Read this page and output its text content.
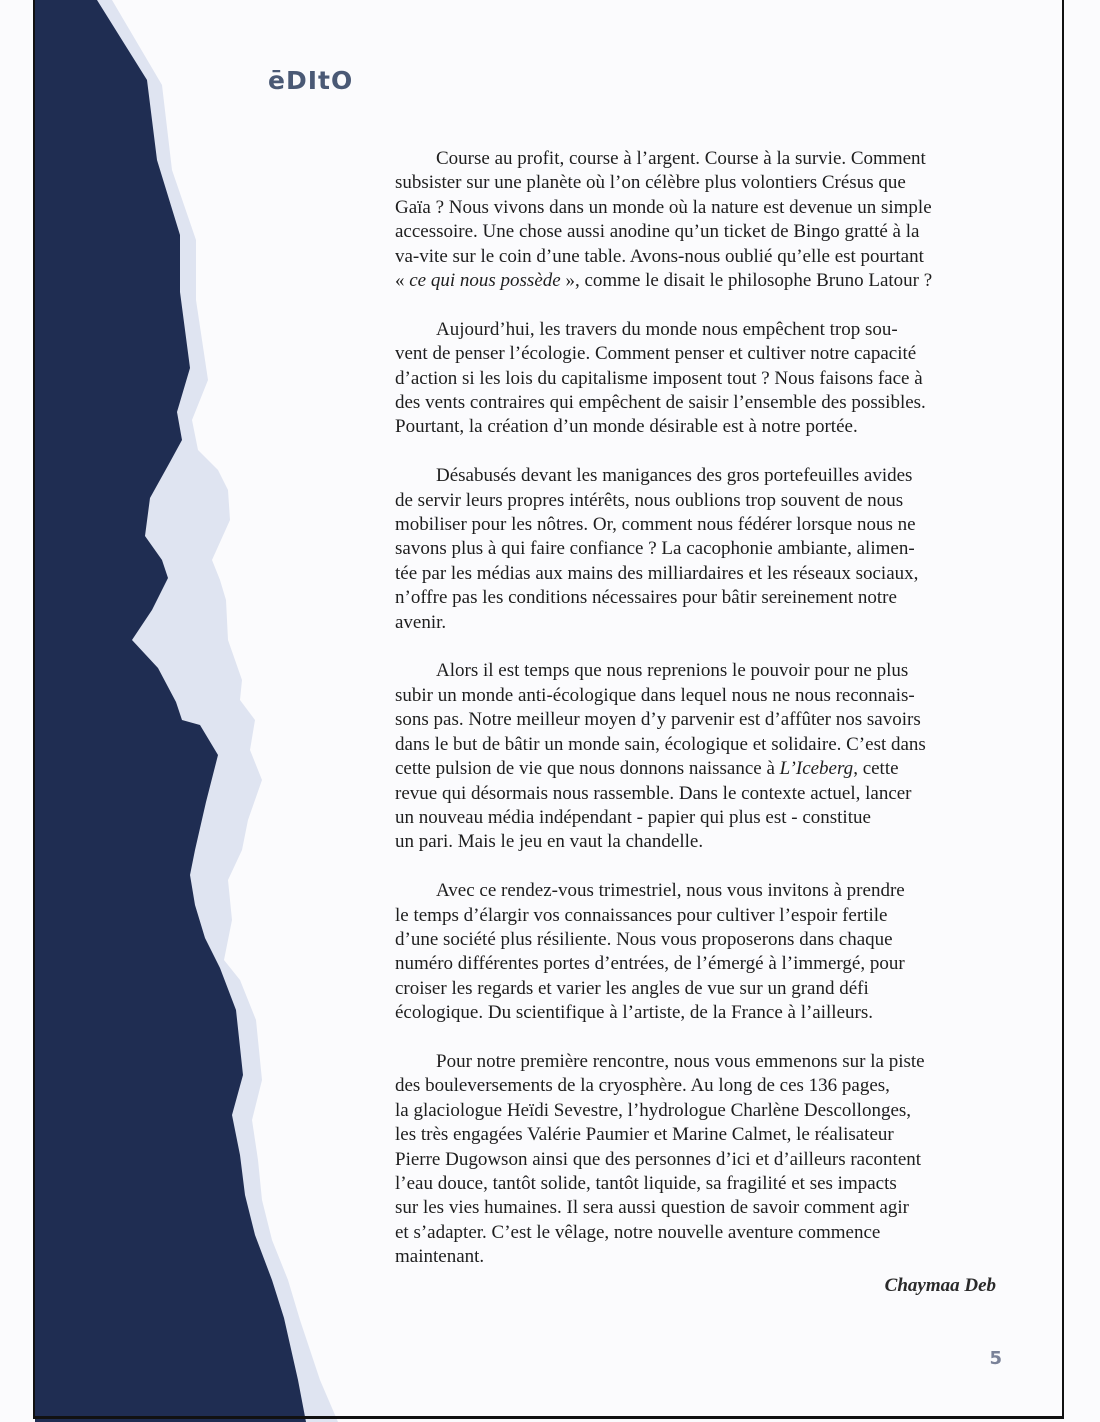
ēDItO
Course au profit, course à l’argent. Course à la survie. Comment
subsister sur une planète où l’on célèbre plus volontiers Crésus que
Gaïa ? Nous vivons dans un monde où la nature est devenue un simple
accessoire. Une chose aussi anodine qu’un ticket de Bingo gratté à la
va-vite sur le coin d’une table. Avons-nous oublié qu’elle est pourtant
« ce qui nous possède », comme le disait le philosophe Bruno Latour ?
Aujourd’hui, les travers du monde nous empêchent trop sou-
vent de penser l’écologie. Comment penser et cultiver notre capacité
d’action si les lois du capitalisme imposent tout ? Nous faisons face à
des vents contraires qui empêchent de saisir l’ensemble des possibles.
Pourtant, la création d’un monde désirable est à notre portée.
Désabusés devant les manigances des gros portefeuilles avides
de servir leurs propres intérêts, nous oublions trop souvent de nous
mobiliser pour les nôtres. Or, comment nous fédérer lorsque nous ne
savons plus à qui faire confiance ? La cacophonie ambiante, alimen-
tée par les médias aux mains des milliardaires et les réseaux sociaux,
n’offre pas les conditions nécessaires pour bâtir sereinement notre
avenir.
Alors il est temps que nous reprenions le pouvoir pour ne plus
subir un monde anti-écologique dans lequel nous ne nous reconnais-
sons pas. Notre meilleur moyen d’y parvenir est d’affûter nos savoirs
dans le but de bâtir un monde sain, écologique et solidaire. C’est dans
cette pulsion de vie que nous donnons naissance à L’Iceberg, cette
revue qui désormais nous rassemble. Dans le contexte actuel, lancer
un nouveau média indépendant - papier qui plus est - constitue
un pari. Mais le jeu en vaut la chandelle.
Avec ce rendez-vous trimestriel, nous vous invitons à prendre
le temps d’élargir vos connaissances pour cultiver l’espoir fertile
d’une société plus résiliente. Nous vous proposerons dans chaque
numéro différentes portes d’entrées, de l’émergé à l’immergé, pour
croiser les regards et varier les angles de vue sur un grand défi
écologique. Du scientifique à l’artiste, de la France à l’ailleurs.
Pour notre première rencontre, nous vous emmenons sur la piste
des bouleversements de la cryosphère. Au long de ces 136 pages,
la glaciologue Heïdi Sevestre, l’hydrologue Charlène Descollonges,
les très engagées Valérie Paumier et Marine Calmet, le réalisateur
Pierre Dugowson ainsi que des personnes d’ici et d’ailleurs racontent
l’eau douce, tantôt solide, tantôt liquide, sa fragilité et ses impacts
sur les vies humaines. Il sera aussi question de savoir comment agir
et s’adapter. C’est le vêlage, notre nouvelle aventure commence
maintenant.
Chaymaa Deb
5
